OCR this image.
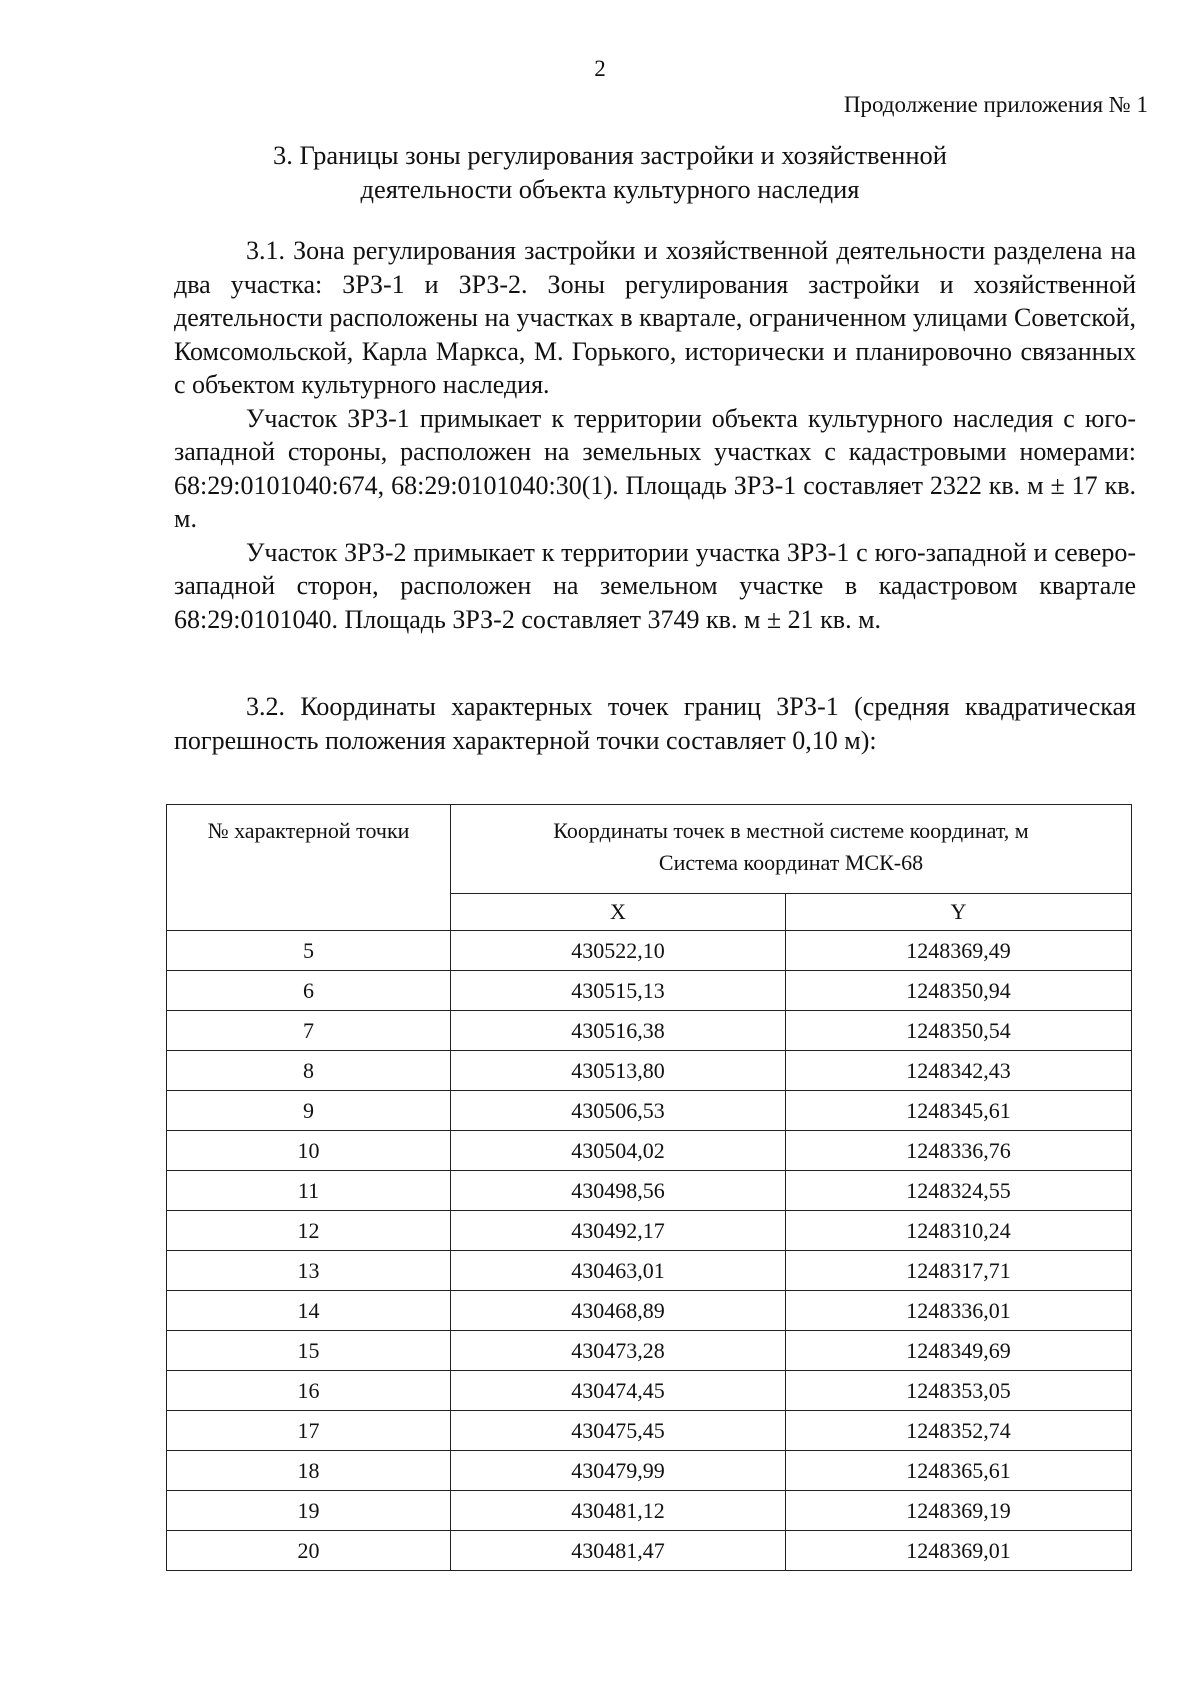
2
Продолжение приложения № 1
3. Границы зоны регулирования застройки и хозяйственной деятельности объекта культурного наследия

3.1. Зона регулирования застройки и хозяйственной деятельности разделена на два участка: ЗРЗ-1 и ЗРЗ-2. Зоны регулирования застройки и хозяйственной деятельности расположены на участках в квартале, ограниченном улицами Советской, Комсомольской, Карла Маркса, М. Горького, исторически и планировочно связанных с объектом культурного наследия.

Участок ЗРЗ-1 примыкает к территории объекта культурного наследия с юго-западной стороны, расположен на земельных участках с кадастровыми номерами: 68:29:0101040:674, 68:29:0101040:30(1). Площадь ЗРЗ-1 составляет 2322 кв. м ± 17 кв. м.

Участок ЗРЗ-2 примыкает к территории участка ЗРЗ-1 с юго-западной и северо-западной сторон, расположен на земельном участке в кадастровом квартале 68:29:0101040. Площадь ЗРЗ-2 составляет 3749 кв. м ± 21 кв. м.

3.2. Координаты характерных точек границ ЗРЗ-1 (средняя квадратическая погрешность положения характерной точки составляет 0,10 м):

№ характерной точки	Координаты точек в местной системе координат, м
Система координат МСК-68	

	X	Y
5	430522,10	1248369,49
6	430515,13	1248350,94
7	430516,38	1248350,54
8	430513,80	1248342,43
9	430506,53	1248345,61
10	430504,02	1248336,76
11	430498,56	1248324,55
12	430492,17	1248310,24
13	430463,01	1248317,71
14	430468,89	1248336,01
15	430473,28	1248349,69
16	430474,45	1248353,05
17	430475,45	1248352,74
18	430479,99	1248365,61
19	430481,12	1248369,19
20	430481,47	1248369,01
